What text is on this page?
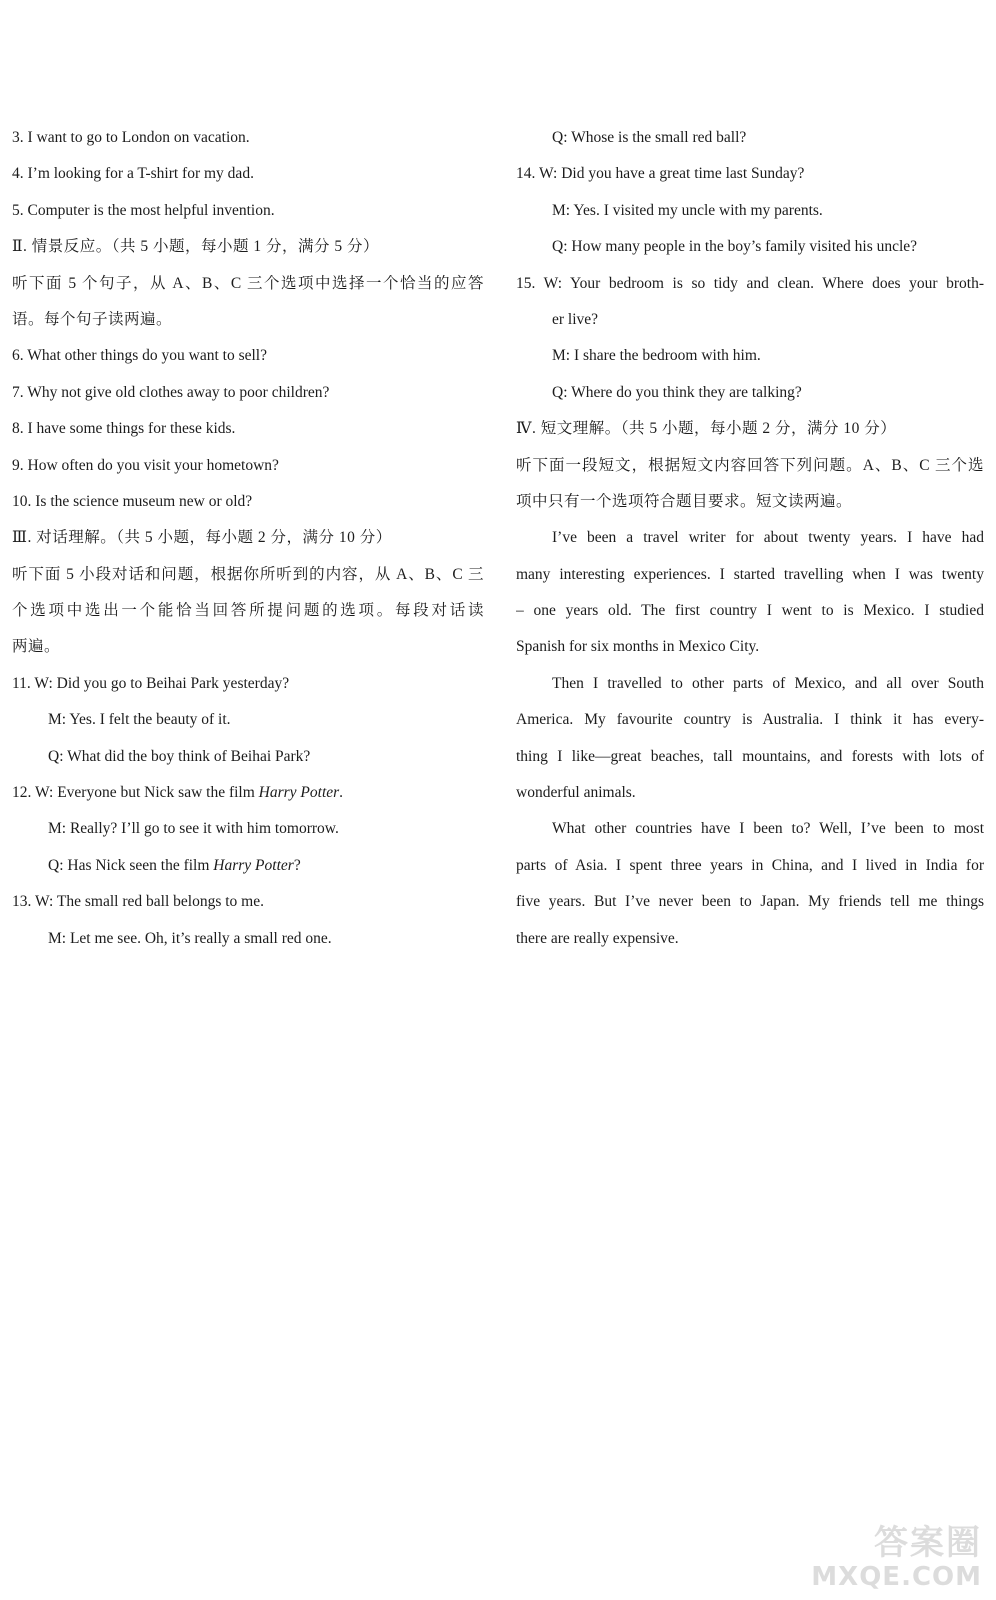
3. I want to go to London on vacation.
4. I’m looking for a T-shirt for my dad.
5. Computer is the most helpful invention.
Ⅱ. 情景反应。（共 5 小题，每小题 1 分，满分 5 分）
听下面 5 个句子，从 A、B、C 三个选项中选择一个恰当的应答
语。每个句子读两遍。
6. What other things do you want to sell?
7. Why not give old clothes away to poor children?
8. I have some things for these kids.
9. How often do you visit your hometown?
10. Is the science museum new or old?
Ⅲ. 对话理解。（共 5 小题，每小题 2 分，满分 10 分）
听下面 5 小段对话和问题，根据你所听到的内容，从 A、B、C 三
个选项中选出一个能恰当回答所提问题的选项。每段对话读
两遍。
11. W: Did you go to Beihai Park yesterday?
M: Yes. I felt the beauty of it.
Q: What did the boy think of Beihai Park?
12. W: Everyone but Nick saw the film Harry Potter.
M: Really? I’ll go to see it with him tomorrow.
Q: Has Nick seen the film Harry Potter?
13. W: The small red ball belongs to me.
M: Let me see. Oh, it’s really a small red one.
Q: Whose is the small red ball?
14. W: Did you have a great time last Sunday?
M: Yes. I visited my uncle with my parents.
Q: How many people in the boy’s family visited his uncle?
15. W: Your bedroom is so tidy and clean. Where does your broth-
er live?
M: I share the bedroom with him.
Q: Where do you think they are talking?
Ⅳ. 短文理解。（共 5 小题，每小题 2 分，满分 10 分）
听下面一段短文，根据短文内容回答下列问题。A、B、C 三个选
项中只有一个选项符合题目要求。短文读两遍。
I’ve been a travel writer for about twenty years. I have had
many interesting experiences. I started travelling when I was twenty
– one years old. The first country I went to is Mexico. I studied
Spanish for six months in Mexico City.
Then I travelled to other parts of Mexico, and all over South
America. My favourite country is Australia. I think it has every-
thing I like—great beaches, tall mountains, and forests with lots of
wonderful animals.
What other countries have I been to? Well, I’ve been to most
parts of Asia. I spent three years in China, and I lived in India for
five years. But I’ve never been to Japan. My friends tell me things
there are really expensive.
答案圈
MXQE.COM
